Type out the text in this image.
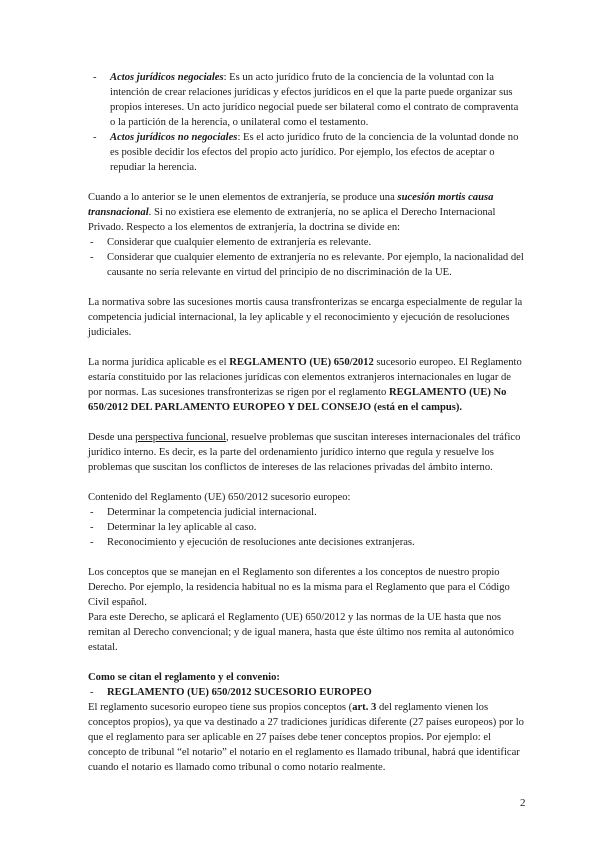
- Actos jurídicos negociales: Es un acto jurídico fruto de la conciencia de la voluntad con la intención de crear relaciones jurídicas y efectos jurídicos en el que la parte puede organizar sus propios intereses. Un acto jurídico negocial puede ser bilateral como el contrato de compraventa o la partición de la herencia, o unilateral como el testamento.
- Actos jurídicos no negociales: Es el acto jurídico fruto de la conciencia de la voluntad donde no es posible decidir los efectos del propio acto jurídico. Por ejemplo, los efectos de aceptar o repudiar la herencia.

Cuando a lo anterior se le unen elementos de extranjería, se produce una sucesión mortis causa transnacional. Si no existiera ese elemento de extranjería, no se aplica el Derecho Internacional Privado. Respecto a los elementos de extranjería, la doctrina se divide en:

- Considerar que cualquier elemento de extranjería es relevante.
- Considerar que cualquier elemento de extranjería no es relevante. Por ejemplo, la nacionalidad del causante no sería relevante en virtud del principio de no discriminación de la UE.

La normativa sobre las sucesiones mortis causa transfronterizas se encarga especialmente de regular la competencia judicial internacional, la ley aplicable y el reconocimiento y ejecución de resoluciones judiciales.

La norma jurídica aplicable es el REGLAMENTO (UE) 650/2012 sucesorio europeo. El Reglamento estaría constituido por las relaciones jurídicas con elementos extranjeros internacionales en lugar de por normas. Las sucesiones transfronterizas se rigen por el reglamento REGLAMENTO (UE) No 650/2012 DEL PARLAMENTO EUROPEO Y DEL CONSEJO (está en el campus).

Desde una perspectiva funcional, resuelve problemas que suscitan intereses internacionales del tráfico jurídico interno. Es decir, es la parte del ordenamiento jurídico interno que regula y resuelve los problemas que suscitan los conflictos de intereses de las relaciones privadas del ámbito interno.

Contenido del Reglamento (UE) 650/2012 sucesorio europeo:

- Determinar la competencia judicial internacional.
- Determinar la ley aplicable al caso.
- Reconocimiento y ejecución de resoluciones ante decisiones extranjeras.

Los conceptos que se manejan en el Reglamento son diferentes a los conceptos de nuestro propio Derecho. Por ejemplo, la residencia habitual no es la misma para el Reglamento que para el Código Civil español.

Para este Derecho, se aplicará el Reglamento (UE) 650/2012 y las normas de la UE hasta que nos remitan al Derecho convencional; y de igual manera, hasta que éste último nos remita al autonómico estatal.

Como se citan el reglamento y el convenio:

- REGLAMENTO (UE) 650/2012 SUCESORIO EUROPEO

El reglamento sucesorio europeo tiene sus propios conceptos (art. 3 del reglamento vienen los conceptos propios), ya que va destinado a 27 tradiciones jurídicas diferente (27 países europeos) por lo que el reglamento para ser aplicable en 27 países debe tener conceptos propios. Por ejemplo: el concepto de tribunal “el notario” el notario en el reglamento es llamado tribunal, habrá que identificar cuando el notario es llamado como tribunal o como notario realmente.

2
